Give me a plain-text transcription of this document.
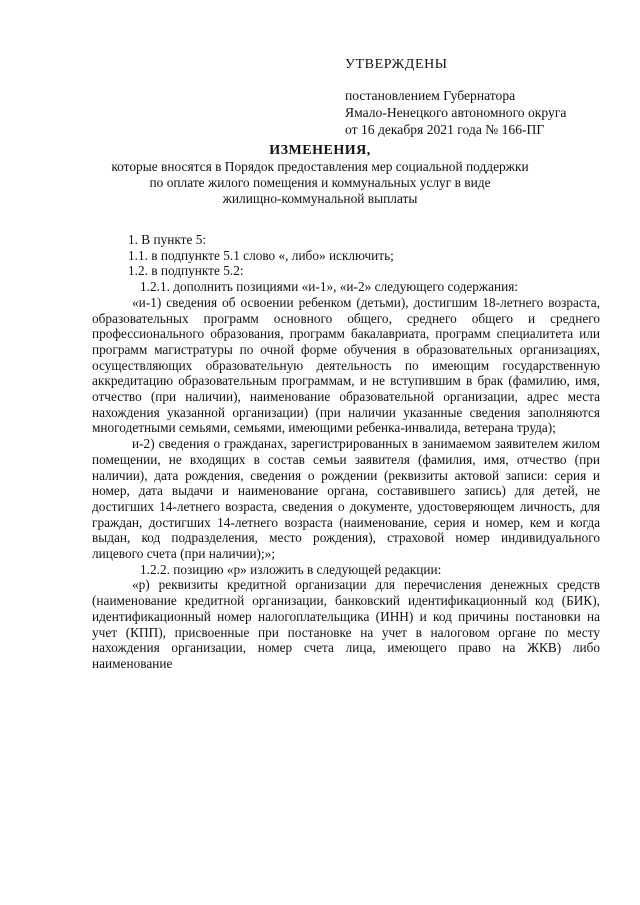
УТВЕРЖДЕНЫ
постановлением Губернатора
Ямало-Ненецкого автономного округа
от 16 декабря 2021 года № 166-ПГ
ИЗМЕНЕНИЯ,
которые вносятся в Порядок предоставления мер социальной поддержки
по оплате жилого помещения и коммунальных услуг в виде
жилищно-коммунальной выплаты

1. В пункте 5:

1.1. в подпункте 5.1 слово «, либо» исключить;

1.2. в подпункте 5.2:

1.2.1. дополнить позициями «и-1», «и-2» следующего содержания:

«и-1) сведения об освоении ребенком (детьми), достигшим 18-летнего возраста, образовательных программ основного общего, среднего общего и среднего профессионального образования, программ бакалавриата, программ специалитета или программ магистратуры по очной форме обучения в образовательных организациях, осуществляющих образовательную деятельность по имеющим государственную аккредитацию образовательным программам, и не вступившим в брак (фамилию, имя, отчество (при наличии), наименование образовательной организации, адрес места нахождения указанной организации) (при наличии указанные сведения заполняются многодетными семьями, семьями, имеющими ребенка-инвалида, ветерана труда);

и-2) сведения о гражданах, зарегистрированных в занимаемом заявителем жилом помещении, не входящих в состав семьи заявителя (фамилия, имя, отчество (при наличии), дата рождения, сведения о рождении (реквизиты актовой записи: серия и номер, дата выдачи и наименование органа, составившего запись) для детей, не достигших 14-летнего возраста, сведения о документе, удостоверяющем личность, для граждан, достигших 14-летнего возраста (наименование, серия и номер, кем и когда выдан, код подразделения, место рождения), страховой номер индивидуального лицевого счета (при наличии);»;

1.2.2. позицию «р» изложить в следующей редакции:

«р) реквизиты кредитной организации для перечисления денежных средств (наименование кредитной организации, банковский идентификационный код (БИК), идентификационный номер налогоплательщика (ИНН) и код причины постановки на учет (КПП), присвоенные при постановке на учет в налоговом органе по месту нахождения организации, номер счета лица, имеющего право на ЖКВ) либо наименование
